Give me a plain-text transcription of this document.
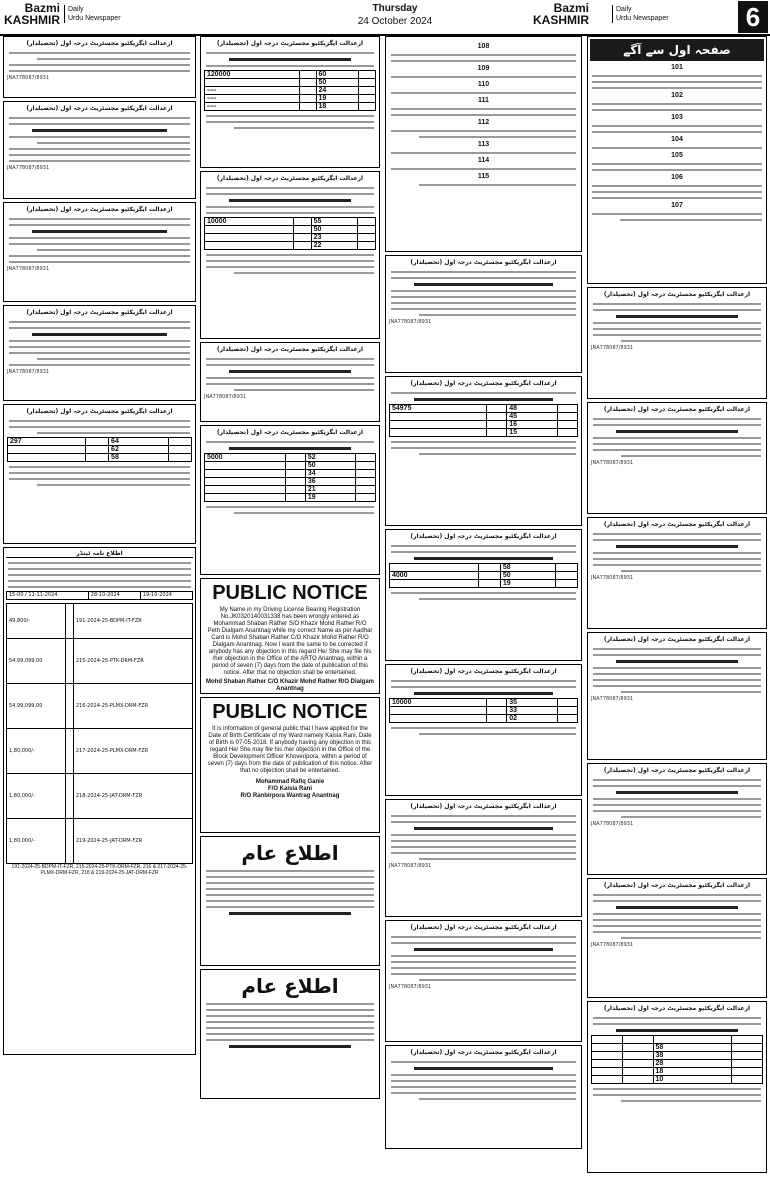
Bazmi
KASHMIR
Daily
Urdu Newspaper
Thursday
24 October 2024
Bazmi
KASHMIR
Daily
Urdu Newspaper	6
ازعدالت ایگزیکٹیو مجسٹریٹ درجہ اول (تحصیلدار)
JNA778087/8931
ازعدالت ایگزیکٹیو مجسٹریٹ درجہ اول (تحصیلدار)
JNA778087/8931
ازعدالت ایگزیکٹیو مجسٹریٹ درجہ اول (تحصیلدار)
JNA778087/8931
ازعدالت ایگزیکٹیو مجسٹریٹ درجہ اول (تحصیلدار)
JNA778087/8931
ازعدالت ایگزیکٹیو مجسٹریٹ درجہ اول (تحصیلدار)
297		64	
		62	
		58	
اطلاع نامہ ٹینڈر
15-00 / 11-11-2024	28-10-2024	19-10-2024
49,800/-		191-2024-25-BDPM-IT-FZR
54,99,099.00		215-2024-25-PTK-DRM-FZR
54,99,099.00		216-2024-25-PLMX-DRM-FZR
1,80,000/-		217-2024-25-PLMX-DRM-FZR
1,80,000/-		218-2024-25-JAT-DRM-FZR
1,80,000/-		219-2024-25-JAT-DRM-FZR
191-2024-25-BDPM-IT-FZR, 215-2024-25-PTK-DRM-FZR, 216 & 217-2024-25-PLMX-DRM-FZR, 218 & 219-2024-25-JAT-DRM-FZR
ازعدالت ایگزیکٹیو مجسٹریٹ درجہ اول (تحصیلدار)
120000		60	
		50	
----		24	
----		19	
----		18	
ازعدالت ایگزیکٹیو مجسٹریٹ درجہ اول (تحصیلدار)
10000		55	
		50	
		23	
		22	
ازعدالت ایگزیکٹیو مجسٹریٹ درجہ اول (تحصیلدار)
JNA778087/8931
ازعدالت ایگزیکٹیو مجسٹریٹ درجہ اول (تحصیلدار)
5000		52	
		50	
		34	
		36	
		21	
		19	
PUBLIC NOTICE
My Name in my Driving License Bearing Registration No.JK0320140031338 has been wrongly entered as Mohammad Shaban Rather S/O Khazir Mohd Rather R/O Peth Dialgam Anantnag while my correct Name as per Aadhar Card is Mohd Shaban Rather C/O Khazir Mohd Rather R/O Dialgam Anantnag. Now I want the same to be corrected if anybody has any objection in this regard He/ She may file his /her objection in the Office of the ARTO Anantnag, within a period of seven (7) days from the date of publication of this notice. After that no objection shall be entertained.
Mohd Shaban Rather C/O Khazir Mohd Rather R/O Dialgam Anantnag
PUBLIC NOTICE
It is information of general public that I have applied for the Date of Birth Certificate of my Ward namely Kaisla Rani, Date of Birth is 07-05-2018. If anybody having any objection in this regard He/ She may file his /her objection in the Office of the Block Development Officer Khoveripora, within a period of seven (7) days from the date of publication of this notice. After that no objection shall be entertained.
Mohammad Rafiq Ganie
F/O Kaisla Rani
R/O Ranbirpora Wantrag Anantnag
اطلاع عام
اطلاع عام
108
109
110
111
112
113
114
115
ازعدالت ایگزیکٹیو مجسٹریٹ درجہ اول (تحصیلدار)
JNA778087/8931
ازعدالت ایگزیکٹیو مجسٹریٹ درجہ اول (تحصیلدار)
54975		48	
		45	
		16	
		15	
ازعدالت ایگزیکٹیو مجسٹریٹ درجہ اول (تحصیلدار)
		58	
4000		50	
		19	
ازعدالت ایگزیکٹیو مجسٹریٹ درجہ اول (تحصیلدار)
10000		35	
		33	
		02	
ازعدالت ایگزیکٹیو مجسٹریٹ درجہ اول (تحصیلدار)
JNA778087/8931
ازعدالت ایگزیکٹیو مجسٹریٹ درجہ اول (تحصیلدار)
JNA778087/8931
ازعدالت ایگزیکٹیو مجسٹریٹ درجہ اول (تحصیلدار)
صفحہ اول سے آگے
101
102
103
104
105
106
107
ازعدالت ایگزیکٹیو مجسٹریٹ درجہ اول (تحصیلدار)
JNA778087/8931
ازعدالت ایگزیکٹیو مجسٹریٹ درجہ اول (تحصیلدار)
JNA778087/8931
ازعدالت ایگزیکٹیو مجسٹریٹ درجہ اول (تحصیلدار)
JNA778087/8931
ازعدالت ایگزیکٹیو مجسٹریٹ درجہ اول (تحصیلدار)
JNA778087/8931
ازعدالت ایگزیکٹیو مجسٹریٹ درجہ اول (تحصیلدار)
JNA778087/8931
ازعدالت ایگزیکٹیو مجسٹریٹ درجہ اول (تحصیلدار)
JNA778087/8931
ازعدالت ایگزیکٹیو مجسٹریٹ درجہ اول (تحصیلدار)

		58	
		38	
		28	
		18	
		10	
